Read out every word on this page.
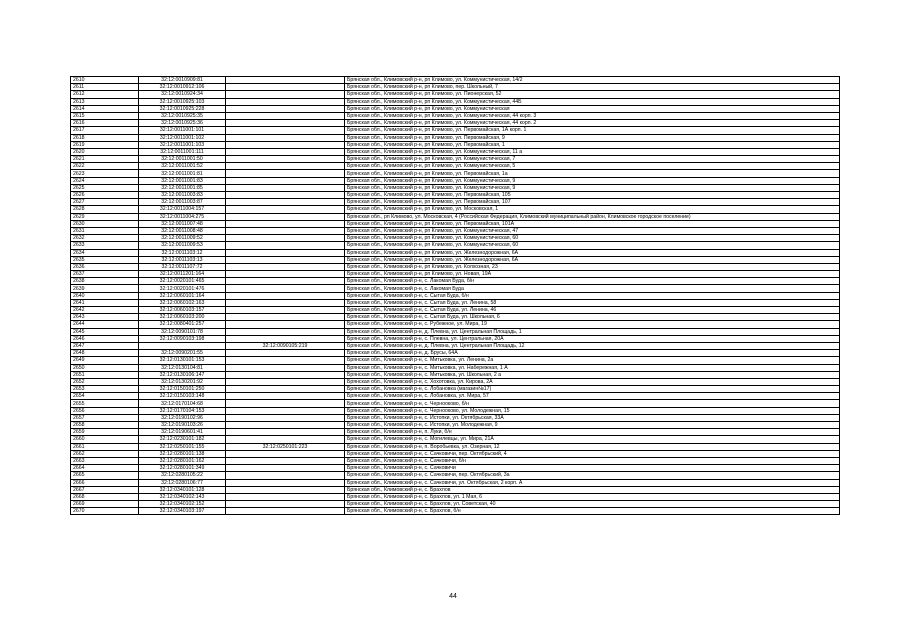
2610	32:12:0010909:81		Брянская обл., Климовский р-н, рп Климово, ул. Коммунистическая, 14/2
2611	32:12:0010912:106		Брянская обл., Климовский р-н, рп Климово, пер. Школьный, 7
2612	32:12:0010924:34		Брянская обл., Климовский р-н, рп Климово, ул. Пионерская, 52
2613	32:12:0010925:103		Брянская обл., Климовский р-н, рп Климово, ул. Коммунистическая, 44Б
2614	32:12:0010925:228		Брянская обл., Климовский р-н, рп Климово, ул. Коммунистическая
2615	32:12:0010925:35		Брянская обл., Климовский р-н, рп Климово, ул. Коммунистическая, 44 корп. 3
2616	32:12:0010925:36		Брянская обл., Климовский р-н, рп Климово, ул. Коммунистическая, 44 корп. 2
2617	32:12:0011001:101		Брянская обл., Климовский р-н, рп Климово, ул. Первомайская, 1А корп. 1
2618	32:12:0011001:102		Брянская обл., Климовский р-н, рп Климово, ул. Первомайская, 9
2619	32:12:0011001:103		Брянская обл., Климовский р-н, рп Климово, ул. Первомайская, 1
2620	32:12:0011001:111		Брянская обл., Климовский р-н, рп Климово, ул. Коммунистическая, 11 а
2621	32:12:0011001:50		Брянская обл., Климовский р-н, рп Климово, ул. Коммунистическая, 7
2622	32:12:0011001:52		Брянская обл., Климовский р-н, рп Климово, ул. Коммунистическая, 5
2623	32:12:0011001:81		Брянская обл., Климовский р-н, рп Климово, ул. Первомайская, 1а
2624	32:12:0011001:83		Брянская обл., Климовский р-н, рп Климово, ул. Коммунистическая, 9
2625	32:12:0011001:85		Брянская обл., Климовский р-н, рп Климово, ул. Коммунистическая, 9
2626	32:12:0011003:83		Брянская обл., Климовский р-н, рп Климово, ул. Первомайская, 105
2627	32:12:0011003:87		Брянская обл., Климовский р-н, рп Климово, ул. Первомайская, 107
2628	32:12:0011004:157		Брянская обл., Климовский р-н, рп Климово, ул. Московская, 1
2629	32:12:0011004:275		Брянская обл., рп Климово, ул. Московская, 4 (Российская Федерация, Климовский муниципальный район, Климовское городское поселение)
2630	32:12:0011007:48		Брянская обл., Климовский р-н, рп Климово, ул. Первомайская, 101А
2631	32:12:0011008:48		Брянская обл., Климовский р-н, рп Климово, ул. Коммунистическая, 47
2632	32:12:0011009:52		Брянская обл., Климовский р-н, рп Климово, ул. Коммунистическая, 60
2633	32:12:0011009:53		Брянская обл., Климовский р-н, рп Климово, ул. Коммунистическая, 60
2634	32:12:0011103:12		Брянская обл., Климовский р-н, рп Климово, ул. Железнодорожная, 6А
2635	32:12:0011103:13		Брянская обл., Климовский р-н, рп Климово, ул. Железнодорожная, 6А
2636	32:12:0011107:72		Брянская обл., Климовский р-н, рп Климово, ул. Колхозная, 23
2637	32:12:0011201:164		Брянская обл., Климовский р-н, рп Климово, ул. Новая, 19А
2638	32:12:0020101:465		Брянская обл., Климовский р-н, с. Лакомая Буда, б/н
2639	32:12:0020101:476		Брянская обл., Климовский р-н, с. Лакомая Буда
2640	32:12:0060101:164		Брянская обл., Климовский р-н, с. Сытая Буда, б/н
2641	32:12:0060102:163		Брянская обл., Климовский р-н, с. Сытая Буда, ул. Ленина, 58
2642	32:12:0060103:157		Брянская обл., Климовский р-н, с. Сытая Буда, ул. Ленина, 46
2643	32:12:0060103:200		Брянская обл., Климовский р-н, с. Сытая Буда, ул. Школьная, 6
2644	32:12:0080401:257		Брянская обл., Климовский р-н, с. Рубежное, ул. Мира, 19
2645	32:12:0090101:78		Брянская обл., Климовский р-н, д. Плевна, ул. Центральная Площадь, 1
2646	32:12:0090103:198		Брянская обл., Климовский р-н, с. Плевна, ул. Центральная, 20А
2647		32:12:0090105:219	Брянская обл., Климовский р-н, д. Плевна, ул. Центральная Площадь, 12
2648	32:12:0090201:55		Брянская обл., Климовский р-н, д. Брусы, 64А
2649	32:12:0130101:153		Брянская обл., Климовский р-н, с. Митьковка, ул. Ленина, 2а
2650	32:12:0130104:81		Брянская обл., Климовский р-н, с. Митьковка, ул. Набережная, 1 А
2651	32:12:0130106:147		Брянская обл., Климовский р-н, с. Митьковка, ул. Школьная, 2 а
2652	32:12:0130201:92		Брянская обл., Климовский р-н, с. Хохотовка, ул. Кирова, 2А
2653	32:12:0150101:250		Брянская обл., Климовский р-н, с. Лобановка (магазин№17)
2654	32:12:0150103:148		Брянская обл., Климовский р-н, с. Лобановка, ул. Мира, 57
2655	32:12:0170104:68		Брянская обл., Климовский р-н, с. Чернооково, б/н
2656	32:12:0170104:153		Брянская обл., Климовский р-н, с. Чернооково, ул. Молодежная, 15
2657	32:12:0190102:96		Брянская обл., Климовский р-н, с. Истопки, ул. Октябрьская, 33А
2658	32:12:0190103:26		Брянская обл., Климовский р-н, с. Истопки, ул. Молодежная, 9
2659	32:12:0190601:41		Брянская обл., Климовский р-н, п. Луки, б/н
2660	32:12:0230101:182		Брянская обл., Климовский р-н, с. Могилевцы, ул. Мира, 21А
2661	32:12:0250101:155	32:12:0250101:223	Брянская обл., Климовский р-н, п. Воробьевка, ул. Озерная, 12
2662	32:12:0280101:138		Брянская обл., Климовский р-н, с. Сачковичи, пер. Октябрьский, 4
2663	32:12:0280101:162		Брянская обл., Климовский р-н, с. Сачковичи, б/н
2664	32:12:0280101:349		Брянская обл., Климовский р-н, с. Сачковичи
2665	32:12:0280105:22		Брянская обл., Климовский р-н, с. Сачковичи, пер. Октябрьский, 3а
2666	32:12:0280106:77		Брянская обл., Климовский р-н, с. Сачковичи, ул. Октябрьская, 2 корп. А
2667	32:12:0340101:128		Брянская обл., Климовский р-н, с. Брахлов
2668	32:12:0340102:143		Брянская обл., Климовский р-н, с. Брахлов, ул. 1 Мая, 6
2669	32:12:0340102:152		Брянская обл., Климовский р-н, с. Брахлов, ул. Советская, 40
2670	32:12:0340103:197		Брянская обл., Климовский р-н, с. Брахлов, б/н
44
